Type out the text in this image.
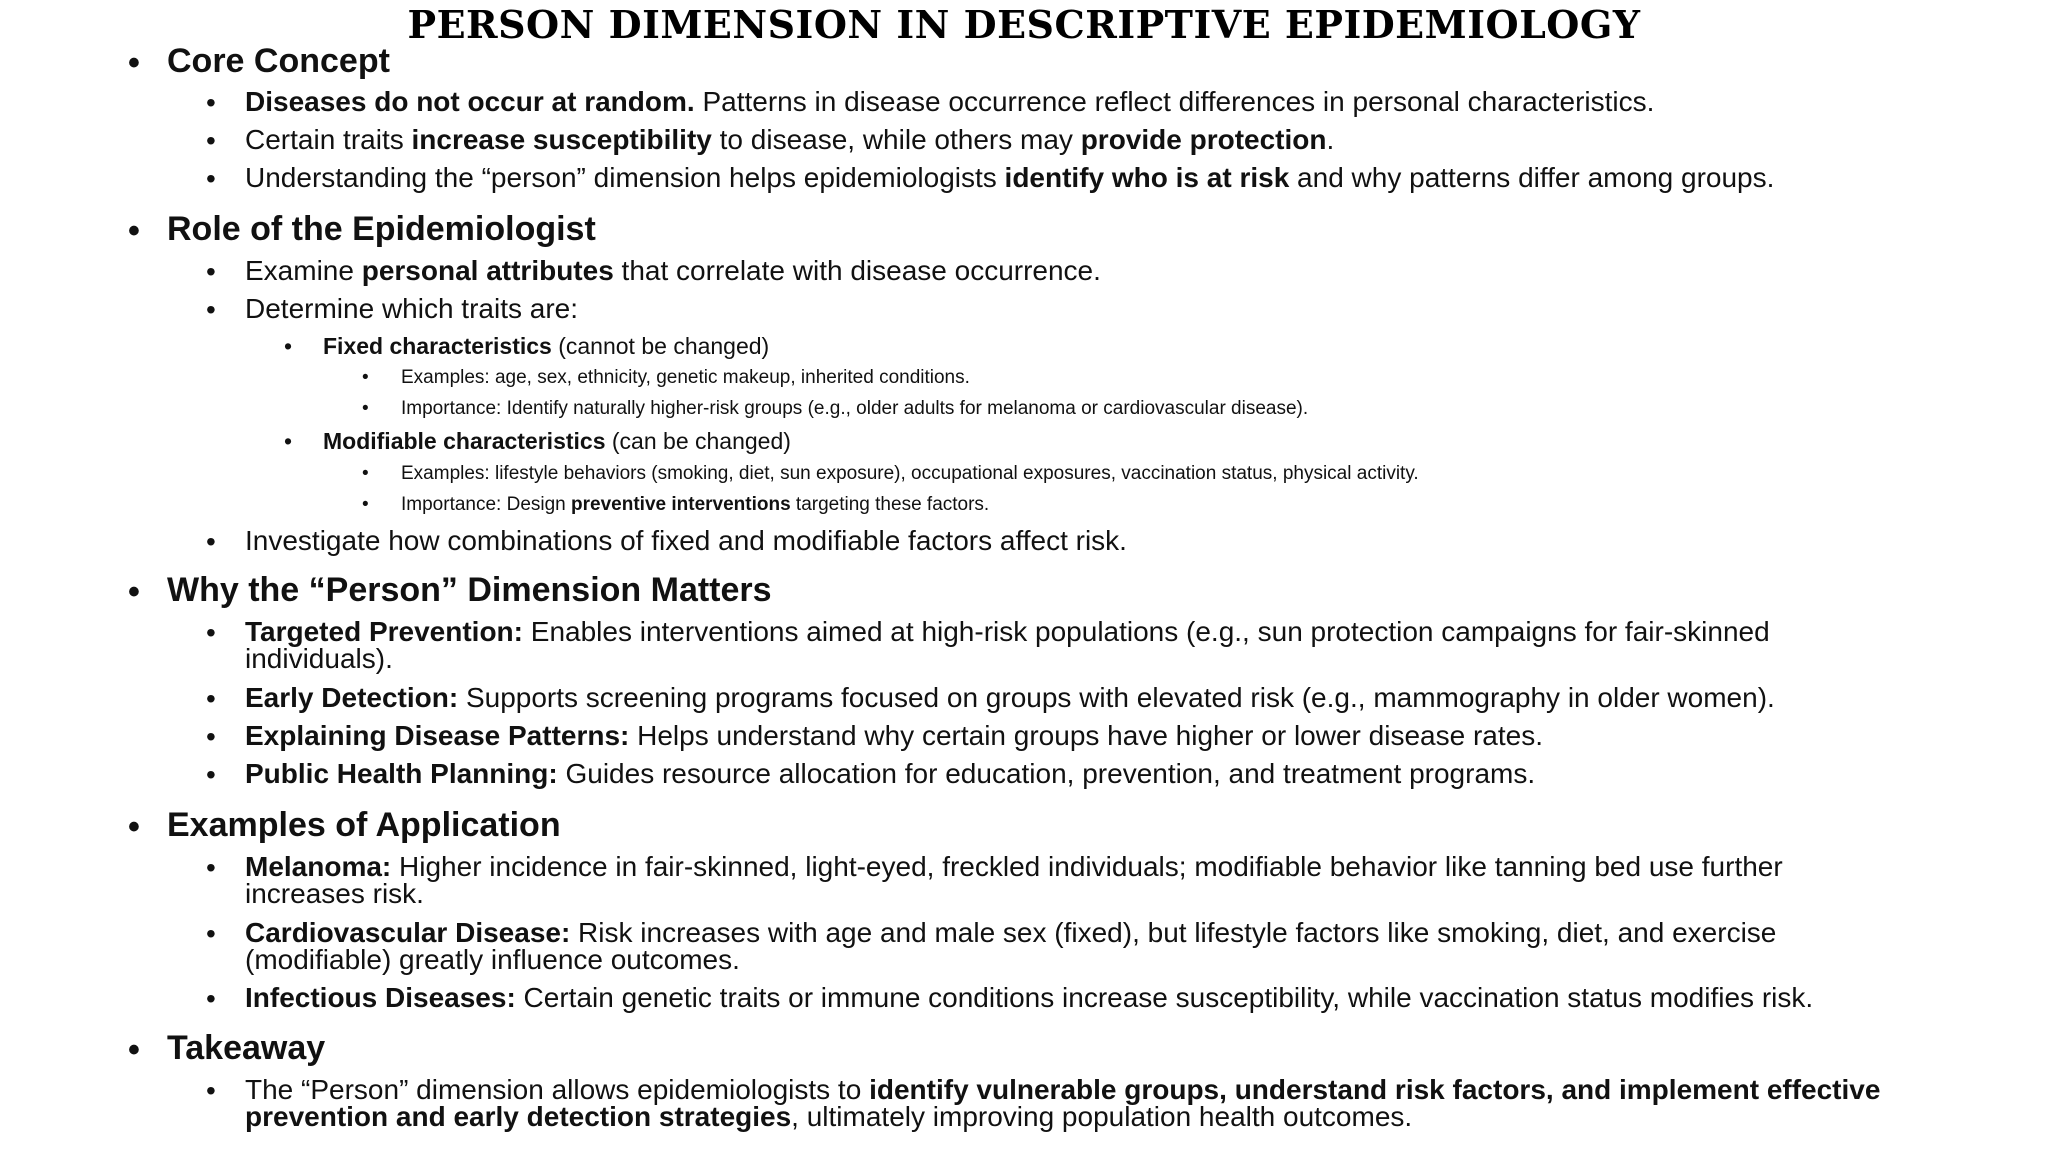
PERSON DIMENSION IN DESCRIPTIVE EPIDEMIOLOGY
• Core Concept
• Diseases do not occur at random. Patterns in disease occurrence reflect differences in personal characteristics.
• Certain traits increase susceptibility to disease, while others may provide protection.
• Understanding the “person” dimension helps epidemiologists identify who is at risk and why patterns differ among groups.
• Role of the Epidemiologist
• Examine personal attributes that correlate with disease occurrence.
• Determine which traits are:
• Fixed characteristics (cannot be changed)
• Examples: age, sex, ethnicity, genetic makeup, inherited conditions.
• Importance: Identify naturally higher-risk groups (e.g., older adults for melanoma or cardiovascular disease).
• Modifiable characteristics (can be changed)
• Examples: lifestyle behaviors (smoking, diet, sun exposure), occupational exposures, vaccination status, physical activity.
• Importance: Design preventive interventions targeting these factors.
• Investigate how combinations of fixed and modifiable factors affect risk.
• Why the “Person” Dimension Matters
• Targeted Prevention: Enables interventions aimed at high-risk populations (e.g., sun protection campaigns for fair-skinned
individuals).
• Early Detection: Supports screening programs focused on groups with elevated risk (e.g., mammography in older women).
• Explaining Disease Patterns: Helps understand why certain groups have higher or lower disease rates.
• Public Health Planning: Guides resource allocation for education, prevention, and treatment programs.
• Examples of Application
• Melanoma: Higher incidence in fair-skinned, light-eyed, freckled individuals; modifiable behavior like tanning bed use further
increases risk.
• Cardiovascular Disease: Risk increases with age and male sex (fixed), but lifestyle factors like smoking, diet, and exercise
(modifiable) greatly influence outcomes.
• Infectious Diseases: Certain genetic traits or immune conditions increase susceptibility, while vaccination status modifies risk.
• Takeaway
• The “Person” dimension allows epidemiologists to identify vulnerable groups, understand risk factors, and implement effective
prevention and early detection strategies, ultimately improving population health outcomes.
